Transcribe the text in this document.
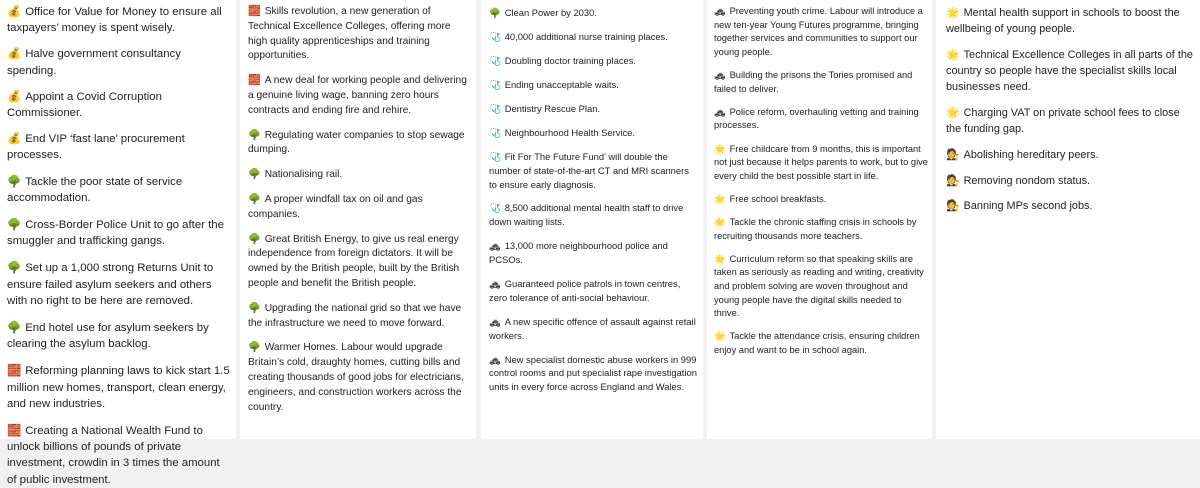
💰 Office for Value for Money to ensure all taxpayers’ money is spent wisely.

💰 Halve government consultancy spending.

💰 Appoint a Covid Corruption Commissioner.

💰 End VIP ‘fast lane’ procurement processes.

🌳 Tackle the poor state of service accommodation.

🌳 Cross-Border Police Unit to go after the smuggler and trafficking gangs.

🌳 Set up a 1,000 strong Returns Unit to ensure failed asylum seekers and others with no right to be here are removed.

🌳 End hotel use for asylum seekers by clearing the asylum backlog.

🧱 Reforming planning laws to kick start 1.5 million new homes, transport, clean energy, and new industries.

🧱 Creating a National Wealth Fund to unlock billions of pounds of private investment, crowdin in 3 times the amount of public investment.

🧱 Skills revolution, a new generation of Technical Excellence Colleges, offering more high quality apprenticeships and training opportunities.

🧱 A new deal for working people and delivering a genuine living wage, banning zero hours contracts and ending fire and rehire.

🌳 Regulating water companies to stop sewage dumping.

🌳 Nationalising rail.

🌳 A proper windfall tax on oil and gas companies.

🌳 Great British Energy, to give us real energy independence from foreign dictators. It will be owned by the British people, built by the British people and benefit the British people.

🌳 Upgrading the national grid so that we have the infrastructure we need to move forward.

🌳 Warmer Homes. Labour would upgrade Britain’s cold, draughty homes, cutting bills and creating thousands of good jobs for electricians, engineers, and construction workers across the country.

🌳 Clean Power by 2030.

🩺 40,000 additional nurse training places.

🩺 Doubling doctor training places.

🩺 Ending unacceptable waits.

🩺 Dentistry Rescue Plan.

🩺 Neighbourhood Health Service.

🩺 Fit For The Future Fund’ will double the number of state-of-the-art CT and MRI scanners to ensure early diagnosis.

🩺 8,500 additional mental health staff to drive down waiting lists.

🚓 13,000 more neighbourhood police and PCSOs.

🚓 Guaranteed police patrols in town centres, zero tolerance of anti-social behaviour.

🚓 A new specific offence of assault against retail workers.

🚓 New specialist domestic abuse workers in 999 control rooms and put specialist rape investigation units in every force across England and Wales.

🚓 Preventing youth crime. Labour will introduce a new ten-year Young Futures programme, bringing together services and communities to support our young people.

🚓 Building the prisons the Tories promised and failed to deliver.

🚓 Police reform, overhauling vetting and training processes.

🌟 Free childcare from 9 months, this is important not just because it helps parents to work, but to give every child the best possible start in life.

🌟 Free school breakfasts.

🌟 Tackle the chronic staffing crisis in schools by recruiting thousands more teachers.

🌟 Curriculum reform so that speaking skills are taken as seriously as reading and writing, creativity and problem solving are woven throughout and young people have the digital skills needed to thrive.

🌟 Tackle the attendance crisis, ensuring children enjoy and want to be in school again.

🌟 Mental health support in schools to boost the wellbeing of young people.

🌟 Technical Excellence Colleges in all parts of the country so people have the specialist skills local businesses need.

🌟 Charging VAT on private school fees to close the funding gap.

🧑‍⚖️ Abolishing hereditary peers.

🧑‍⚖️ Removing nondom status.

🧑‍⚖️ Banning MPs second jobs.
